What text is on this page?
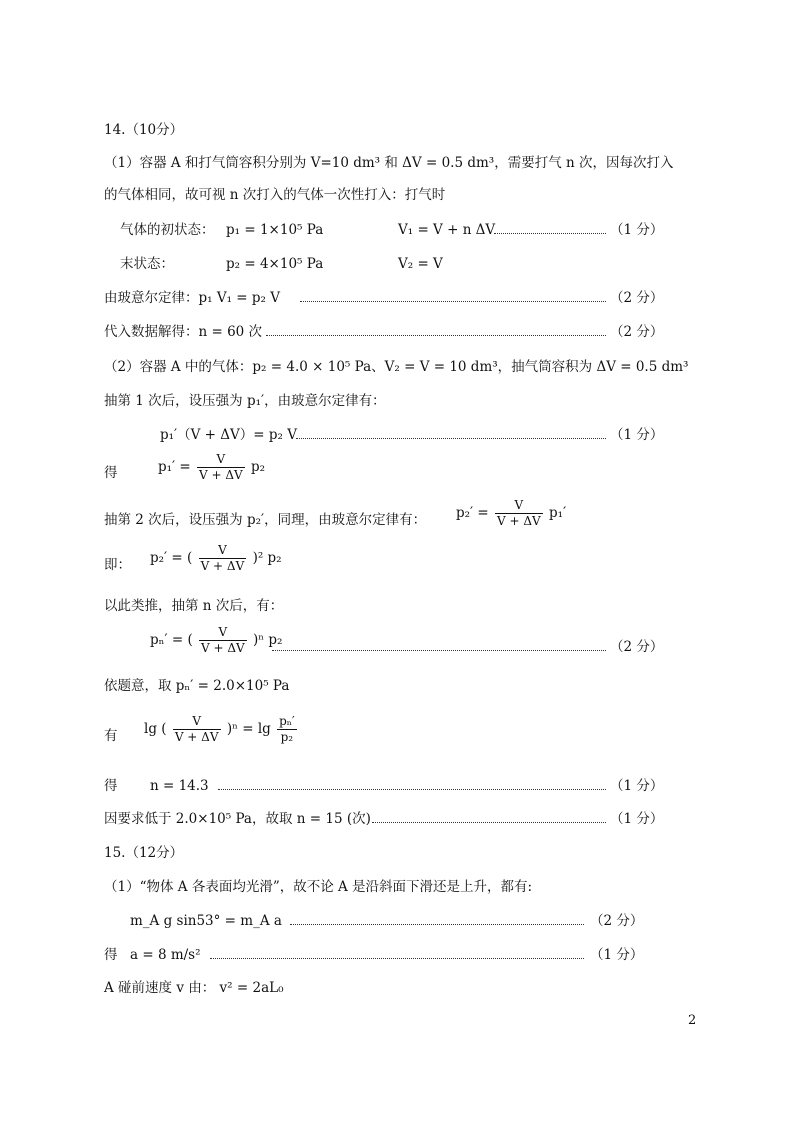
14.（10分）
（1）容器 A 和打气筒容积分别为 V=10 dm³ 和 ΔV = 0.5 dm³，需要打气 n 次，因每次打入
的气体相同，故可视 n 次打入的气体一次性打入：打气时
气体的初状态： p₁ = 1×10⁵ Pa	V₁ = V + n ΔV	（1 分）
末状态：	p₂ = 4×10⁵ Pa	V₂ = V
由玻意尔定律：p₁ V₁ = p₂ V	（2 分）
代入数据解得：n = 60 次	（2 分）
（2）容器 A 中的气体：p₂ = 4.0 × 10⁵ Pa、V₂ = V = 10 dm³，抽气筒容积为 ΔV = 0.5 dm³
抽第 1 次后，设压强为 p₁′，由玻意尔定律有：
p₁′（V + ΔV）= p₂ V	（1 分）
得	$p_1' = \frac{V}{V + \Delta V} p_2$
抽第 2 次后，设压强为 p₂′，同理，由玻意尔定律有： $p_2' = \frac{V}{V + \Delta V} p_1'$
即： p₂′ = ( $\frac{V}{V + \Delta V} )^2$ p₂
以此类推，抽第 n 次后，有：
pₙ′ = ( $\frac{V}{V + \Delta V} )^n$ p₂	（2 分）
依题意，取 pₙ′ = 2.0×10⁵ Pa
有 lg ( $\frac{V}{V + \Delta V} )^n = \lg \frac{\text{pₙ′}}{\text{p₂}}$
得 n = 14.3	（1 分）
因要求低于 2.0×10⁵ Pa，故取 n = 15 (次)	（1 分）
15.（12分）
（1）“物体 A 各表面均光滑”，故不论 A 是沿斜面下滑还是上升，都有:
m_A g sin53° = m_A a	（2 分）
得 a = 8 m/s²	（1 分）
A 碰前速度 v 由： v² = 2aL₀
2
